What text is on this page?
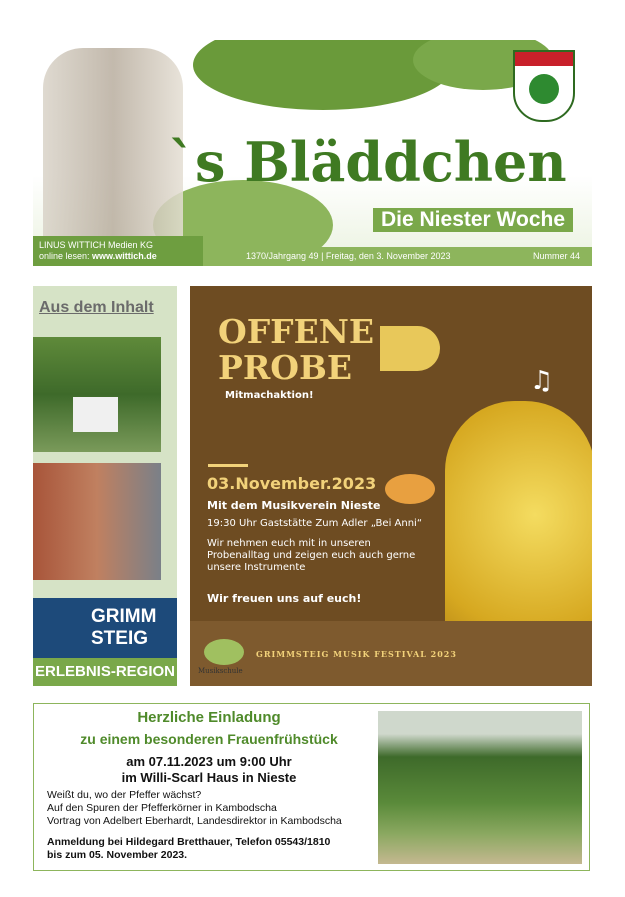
`s Bläddchen
Die Niester Woche
1370/Jahrgang 49 | Freitag, den 3. November 2023	Nummer 44
LINUS WITTICH Medien KG
online lesen: www.wittich.de
Aus dem Inhalt
GRIMM
STEIG
ERLEBNIS-REGION
OFFENE
PROBE
Mitmachaktion!	♫
03.November.2023
Mit dem Musikverein Nieste
19:30 Uhr Gaststätte Zum Adler „Bei Anni“
Wir nehmen euch mit in unseren Probenalltag und zeigen euch auch gerne unsere Instrumente
Wir freuen uns auf euch!
Musikschule
GRIMMSTEIG MUSIK FESTIVAL 2023
Herzliche Einladung
zu einem besonderen Frauenfrühstück
am 07.11.2023 um 9:00 Uhr
im Willi-Scarl Haus in Nieste
Weißt du, wo der Pfeffer wächst?
Auf den Spuren der Pfefferkörner in Kambodscha
Vortrag von Adelbert Eberhardt, Landesdirektor in Kambodscha
Anmeldung bei Hildegard Bretthauer, Telefon 05543/1810
bis zum 05. November 2023.
